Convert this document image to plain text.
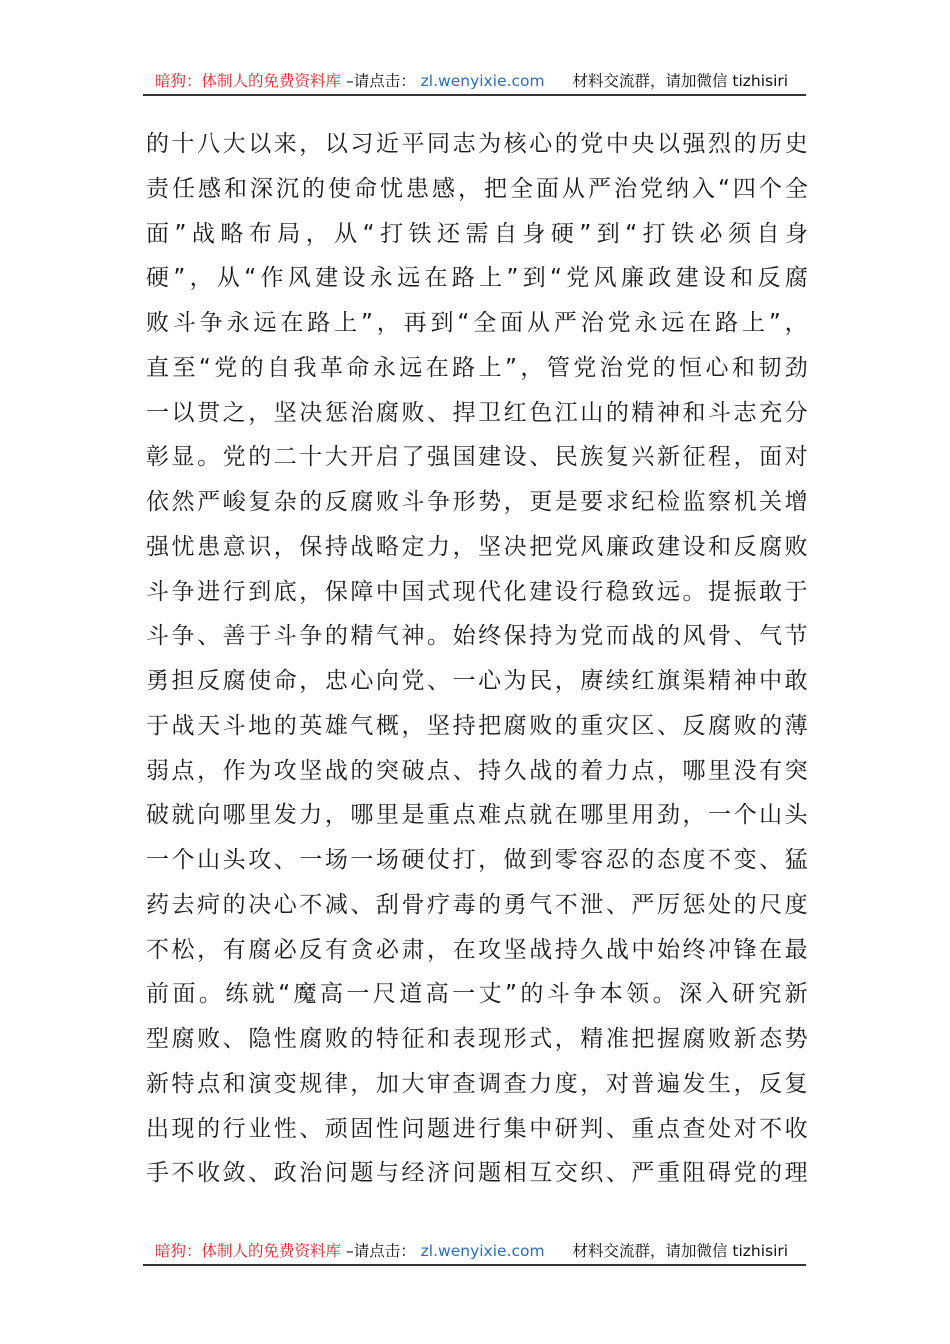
暗狗：体制人的免费资料库 –请点击： zl.wenyixie.com 材料交流群，请加微信 tizhisiri
的 十 八 大 以 来 ， 以 习 近 平 同 志 为 核 心 的 党 中 央 以 强 烈 的 历 史
责 任 感 和 深 沉 的 使 命 忧 患 感 ， 把 全 面 从 严 治 党 纳 入 “ 四 个 全
面 ” 战 略 布 局 ， 从 “ 打 铁 还 需 自 身 硬 ” 到 “ 打 铁 必 须 自 身
硬 ” ， 从 “ 作 风 建 设 永 远 在 路 上 ” 到 “ 党 风 廉 政 建 设 和 反 腐
败 斗 争 永 远 在 路 上 ” ， 再 到 “ 全 面 从 严 治 党 永 远 在 路 上 ” ，
直 至 “ 党 的 自 我 革 命 永 远 在 路 上 ” ， 管 党 治 党 的 恒 心 和 韧 劲
一 以 贯 之 ， 坚 决 惩 治 腐 败 、 捍 卫 红 色 江 山 的 精 神 和 斗 志 充 分
彰 显 。 党 的 二 十 大 开 启 了 强 国 建 设 、 民 族 复 兴 新 征 程 ， 面 对
依 然 严 峻 复 杂 的 反 腐 败 斗 争 形 势 ， 更 是 要 求 纪 检 监 察 机 关 增
强 忧 患 意 识 ， 保 持 战 略 定 力 ， 坚 决 把 党 风 廉 政 建 设 和 反 腐 败
斗 争 进 行 到 底 ， 保 障 中 国 式 现 代 化 建 设 行 稳 致 远 。 提 振 敢 于
斗 争 、 善 于 斗 争 的 精 气 神 。 始 终 保 持 为 党 而 战 的 风 骨 、 气 节
勇 担 反 腐 使 命 ， 忠 心 向 党 、 一 心 为 民 ， 赓 续 红 旗 渠 精 神 中 敢
于 战 天 斗 地 的 英 雄 气 概 ， 坚 持 把 腐 败 的 重 灾 区 、 反 腐 败 的 薄
弱 点 ， 作 为 攻 坚 战 的 突 破 点 、 持 久 战 的 着 力 点 ， 哪 里 没 有 突
破 就 向 哪 里 发 力 ， 哪 里 是 重 点 难 点 就 在 哪 里 用 劲 ， 一 个 山 头
一 个 山 头 攻 、 一 场 一 场 硬 仗 打 ， 做 到 零 容 忍 的 态 度 不 变 、 猛
药 去 疴 的 决 心 不 减 、 刮 骨 疗 毒 的 勇 气 不 泄 、 严 厉 惩 处 的 尺 度
不 松 ， 有 腐 必 反 有 贪 必 肃 ， 在 攻 坚 战 持 久 战 中 始 终 冲 锋 在 最
前 面 。 练 就 “ 魔 高 一 尺 道 高 一 丈 ” 的 斗 争 本 领 。 深 入 研 究 新
型 腐 败 、 隐 性 腐 败 的 特 征 和 表 现 形 式 ， 精 准 把 握 腐 败 新 态 势
新 特 点 和 演 变 规 律 ， 加 大 审 查 调 查 力 度 ， 对 普 遍 发 生 ， 反 复
出 现 的 行 业 性 、 顽 固 性 问 题 进 行 集 中 研 判 、 重 点 查 处 对 不 收
手 不 收 敛 、 政 治 问 题 与 经 济 问 题 相 互 交 织 、 严 重 阻 碍 党 的 理
暗狗：体制人的免费资料库 –请点击： zl.wenyixie.com 材料交流群，请加微信 tizhisiri
